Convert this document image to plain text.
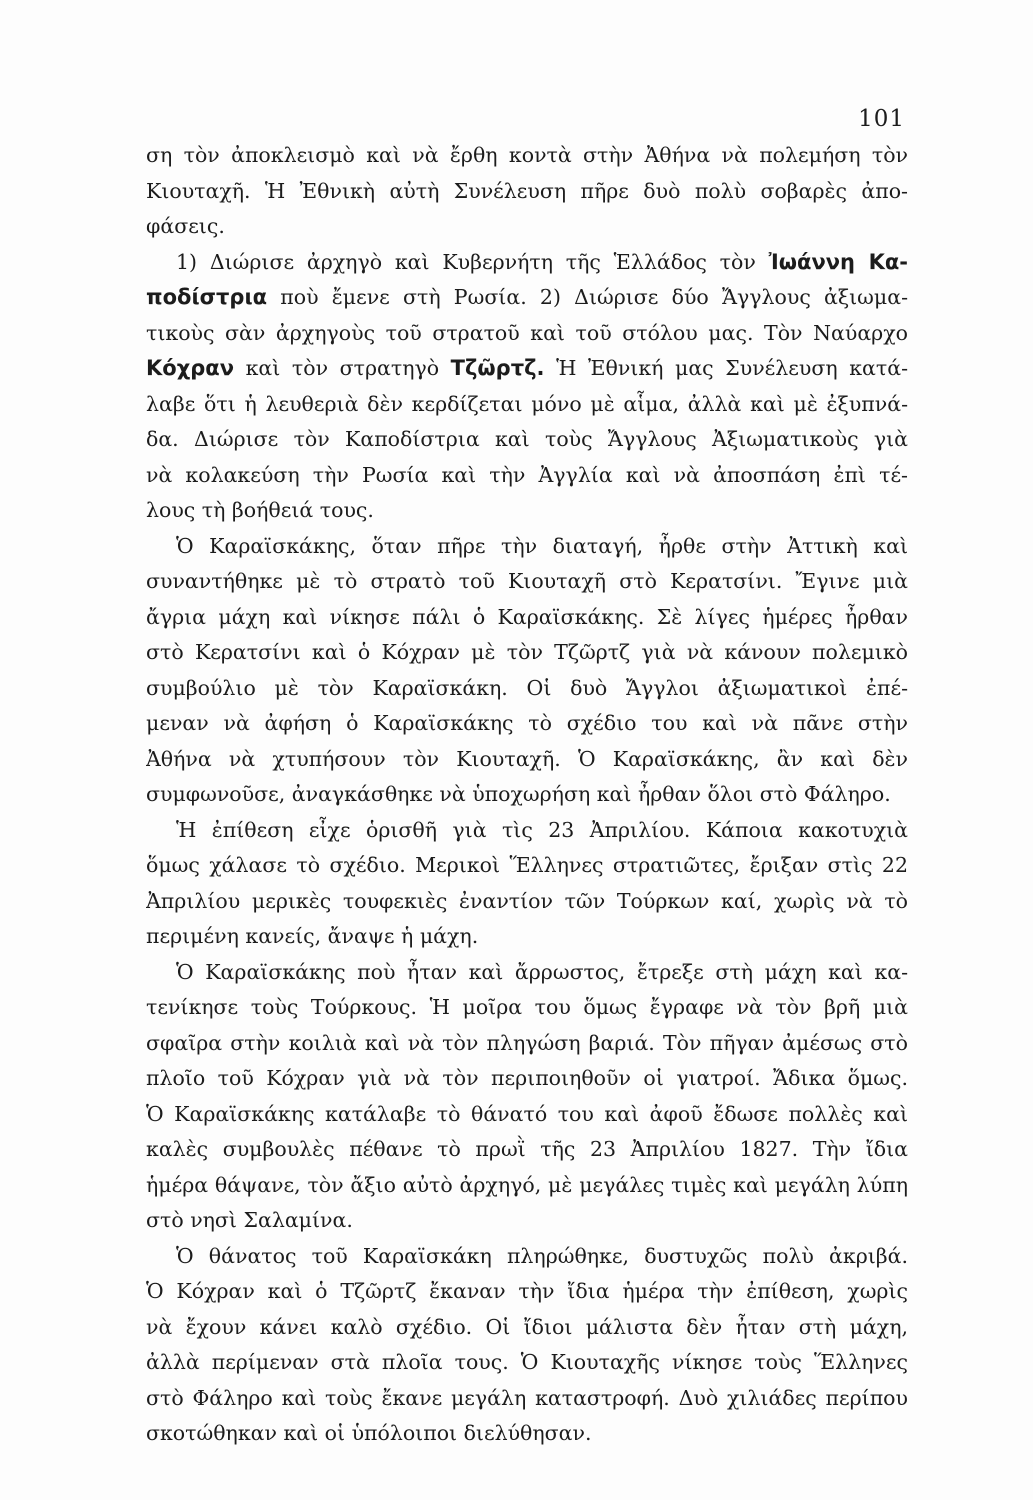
101
ση τὸν ἀποκλεισμὸ καὶ νὰ ἔρθη κοντὰ στὴν Ἀθήνα νὰ πολεμήση τὸν
Κιουταχῆ. Ἡ Ἐθνικὴ αὐτὴ Συνέλευση πῆρε δυὸ πολὺ σοβαρὲς ἀπο-
φάσεις.
1) Διώρισε ἀρχηγὸ καὶ Κυβερνήτη τῆς Ἑλλάδος τὸν Ἰωάννη Κα-
ποδίστρια ποὺ ἔμενε στὴ Ρωσία. 2) Διώρισε δύο Ἄγγλους ἀξιωμα-
τικοὺς σὰν ἀρχηγοὺς τοῦ στρατοῦ καὶ τοῦ στόλου μας. Τὸν Ναύαρχο
Κόχραν καὶ τὸν στρατηγὸ Τζῶρτζ. Ἡ Ἐθνική μας Συνέλευση κατά-
λαβε ὅτι ἡ λευθεριὰ δὲν κερδίζεται μόνο μὲ αἷμα, ἀλλὰ καὶ μὲ ἐξυπνά-
δα. Διώρισε τὸν Καποδίστρια καὶ τοὺς Ἄγγλους Ἀξιωματικοὺς γιὰ
νὰ κολακεύση τὴν Ρωσία καὶ τὴν Ἀγγλία καὶ νὰ ἀποσπάση ἐπὶ τέ-
λους τὴ βοήθειά τους.
Ὁ Καραϊσκάκης, ὅταν πῆρε τὴν διαταγή, ἦρθε στὴν Ἀττικὴ καὶ
συναντήθηκε μὲ τὸ στρατὸ τοῦ Κιουταχῆ στὸ Κερατσίνι. Ἔγινε μιὰ
ἄγρια μάχη καὶ νίκησε πάλι ὁ Καραϊσκάκης. Σὲ λίγες ἡμέρες ἦρθαν
στὸ Κερατσίνι καὶ ὁ Κόχραν μὲ τὸν Τζῶρτζ γιὰ νὰ κάνουν πολεμικὸ
συμβούλιο μὲ τὸν Καραϊσκάκη. Οἱ δυὸ Ἄγγλοι ἀξιωματικοὶ ἐπέ-
μεναν νὰ ἀφήση ὁ Καραϊσκάκης τὸ σχέδιο του καὶ νὰ πᾶνε στὴν
Ἀθήνα νὰ χτυπήσουν τὸν Κιουταχῆ. Ὁ Καραϊσκάκης, ἂν καὶ δὲν
συμφωνοῦσε, ἀναγκάσθηκε νὰ ὑποχωρήση καὶ ἦρθαν ὅλοι στὸ Φάληρο.
Ἡ ἐπίθεση εἶχε ὁρισθῆ γιὰ τὶς 23 Ἀπριλίου. Κάποια κακοτυχιὰ
ὅμως χάλασε τὸ σχέδιο. Μερικοὶ Ἕλληνες στρατιῶτες, ἔριξαν στὶς 22
Ἀπριλίου μερικὲς τουφεκιὲς ἐναντίον τῶν Τούρκων καί, χωρὶς νὰ τὸ
περιμένη κανείς, ἄναψε ἡ μάχη.
Ὁ Καραϊσκάκης ποὺ ἦταν καὶ ἄρρωστος, ἔτρεξε στὴ μάχη καὶ κα-
τενίκησε τοὺς Τούρκους. Ἡ μοῖρα του ὅμως ἔγραφε νὰ τὸν βρῆ μιὰ
σφαῖρα στὴν κοιλιὰ καὶ νὰ τὸν πληγώση βαριά. Τὸν πῆγαν ἀμέσως στὸ
πλοῖο τοῦ Κόχραν γιὰ νὰ τὸν περιποιηθοῦν οἱ γιατροί. Ἄδικα ὅμως.
Ὁ Καραϊσκάκης κατάλαβε τὸ θάνατό του καὶ ἀφοῦ ἔδωσε πολλὲς καὶ
καλὲς συμβουλὲς πέθανε τὸ πρωῒ τῆς 23 Ἀπριλίου 1827. Τὴν ἴδια
ἡμέρα θάψανε, τὸν ἄξιο αὐτὸ ἀρχηγό, μὲ μεγάλες τιμὲς καὶ μεγάλη λύπη
στὸ νησὶ Σαλαμίνα.
Ὁ θάνατος τοῦ Καραϊσκάκη πληρώθηκε, δυστυχῶς πολὺ ἀκριβά.
Ὁ Κόχραν καὶ ὁ Τζῶρτζ ἔκαναν τὴν ἴδια ἡμέρα τὴν ἐπίθεση, χωρὶς
νὰ ἔχουν κάνει καλὸ σχέδιο. Οἱ ἴδιοι μάλιστα δὲν ἦταν στὴ μάχη,
ἀλλὰ περίμεναν στὰ πλοῖα τους. Ὁ Κιουταχῆς νίκησε τοὺς Ἕλληνες
στὸ Φάληρο καὶ τοὺς ἔκανε μεγάλη καταστροφή. Δυὸ χιλιάδες περίπου
σκοτώθηκαν καὶ οἱ ὑπόλοιποι διελύθησαν.
